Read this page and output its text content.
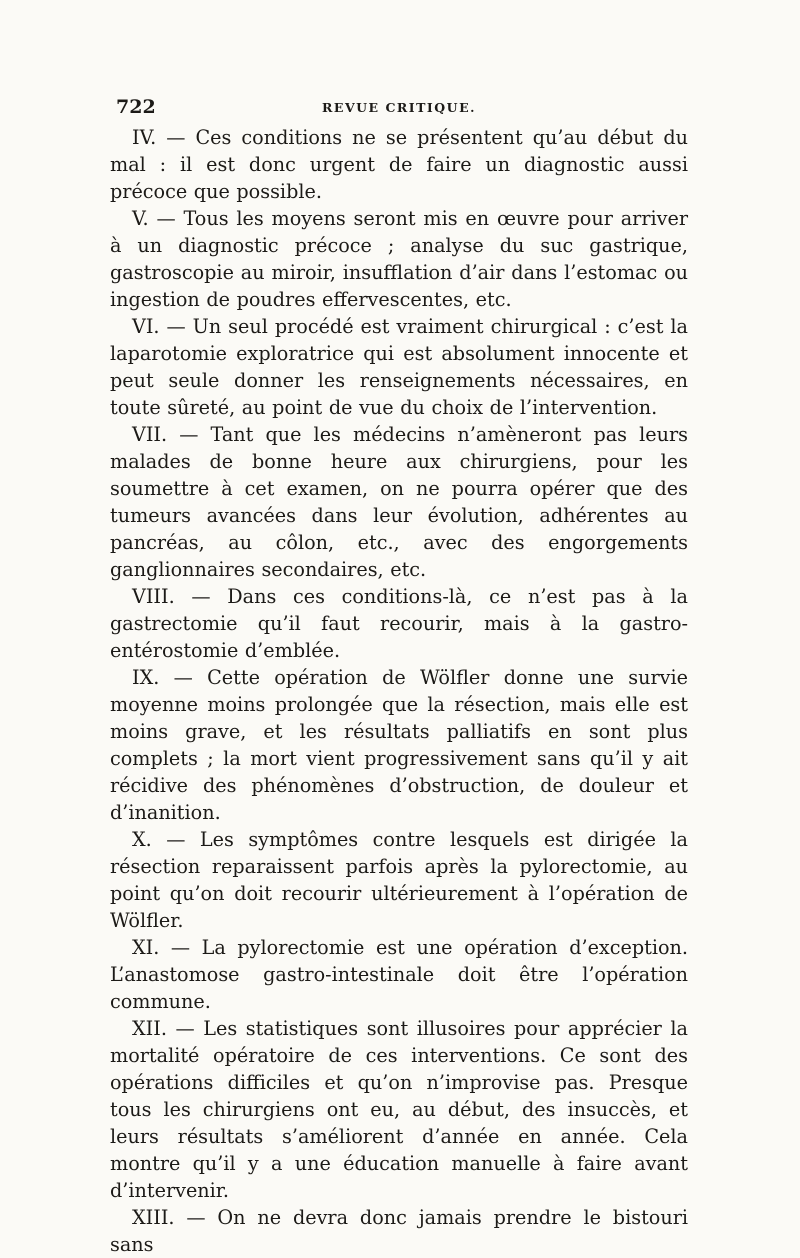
722	REVUE CRITIQUE.

IV. — Ces conditions ne se présentent qu’au début du mal : il est donc urgent de faire un diagnostic aussi précoce que possible.

V. — Tous les moyens seront mis en œuvre pour arriver à un diagnostic précoce ; analyse du suc gastrique, gastroscopie au miroir, insufflation d’air dans l’estomac ou ingestion de poudres effervescentes, etc.

VI. — Un seul procédé est vraiment chirurgical : c’est la laparotomie exploratrice qui est absolument innocente et peut seule donner les renseignements nécessaires, en toute sûreté, au point de vue du choix de l’intervention.

VII. — Tant que les médecins n’amèneront pas leurs malades de bonne heure aux chirurgiens, pour les soumettre à cet examen, on ne pourra opérer que des tumeurs avancées dans leur évolution, adhérentes au pancréas, au côlon, etc., avec des engorgements ganglionnaires secondaires, etc.

VIII. — Dans ces conditions-là, ce n’est pas à la gastrectomie qu’il faut recourir, mais à la gastro-entérostomie d’emblée.

IX. — Cette opération de Wölfler donne une survie moyenne moins prolongée que la résection, mais elle est moins grave, et les résultats palliatifs en sont plus complets ; la mort vient progressivement sans qu’il y ait récidive des phénomènes d’obstruction, de douleur et d’inanition.

X. — Les symptômes contre lesquels est dirigée la résection reparaissent parfois après la pylorectomie, au point qu’on doit recourir ultérieurement à l’opération de Wölfler.

XI. — La pylorectomie est une opération d’exception. L’anastomose gastro-intestinale doit être l’opération commune.

XII. — Les statistiques sont illusoires pour apprécier la mortalité opératoire de ces interventions. Ce sont des opérations difficiles et qu’on n’improvise pas. Presque tous les chirurgiens ont eu, au début, des insuccès, et leurs résultats s’améliorent d’année en année. Cela montre qu’il y a une éducation manuelle à faire avant d’intervenir.

XIII. — On ne devra donc jamais prendre le bistouri sans
